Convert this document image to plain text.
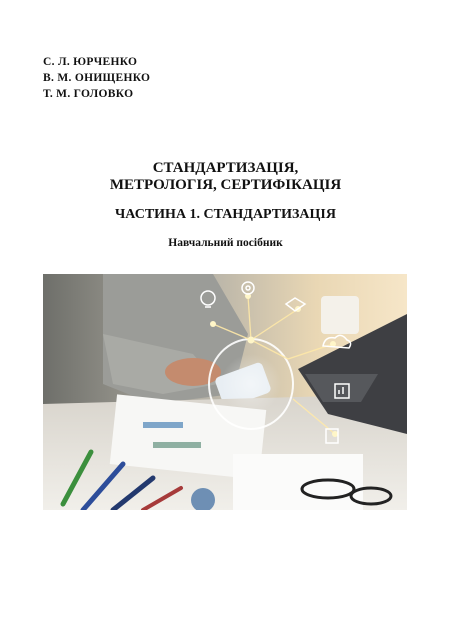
С. Л. ЮРЧЕНКО
В. М. ОНИЩЕНКО
Т. М. ГОЛОВКО
СТАНДАРТИЗАЦІЯ,
МЕТРОЛОГІЯ, СЕРТИФІКАЦІЯ
ЧАСТИНА 1. СТАНДАРТИЗАЦІЯ
Навчальний посібник
